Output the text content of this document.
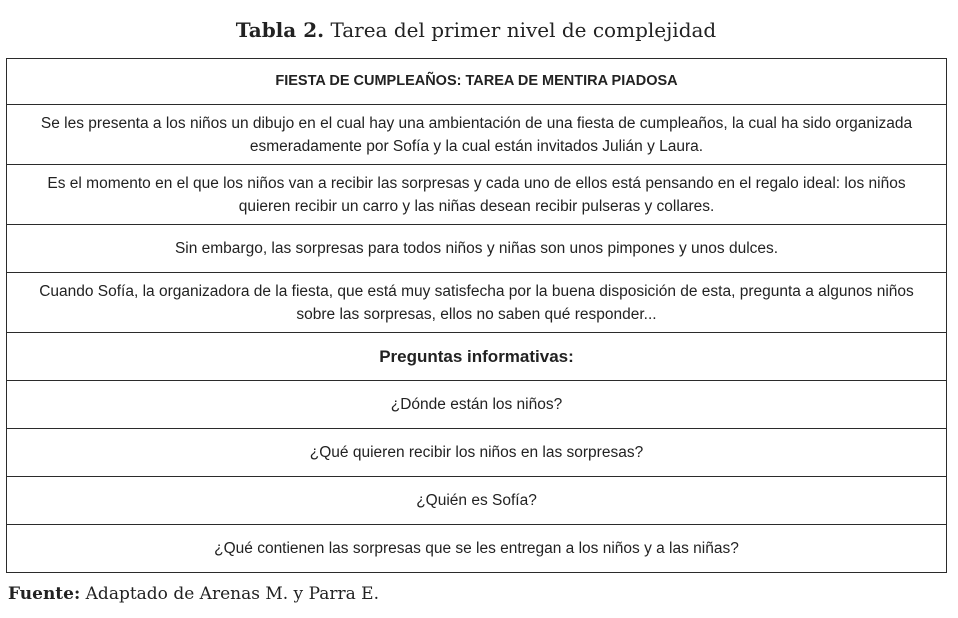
Tabla 2. Tarea del primer nivel de complejidad
FIESTA DE CUMPLEAÑOS: TAREA DE MENTIRA PIADOSA
Se les presenta a los niños un dibujo en el cual hay una ambientación de una fiesta de cumpleaños, la cual ha sido organizada esmeradamente por Sofía y la cual están invitados Julián y Laura.
Es el momento en el que los niños van a recibir las sorpresas y cada uno de ellos está pensando en el regalo ideal: los niños quieren recibir un carro y las niñas desean recibir pulseras y collares.
Sin embargo, las sorpresas para todos niños y niñas son unos pimpones y unos dulces.
Cuando Sofía, la organizadora de la fiesta, que está muy satisfecha por la buena disposición de esta, pregunta a algunos niños sobre las sorpresas, ellos no saben qué responder...
Preguntas informativas:
¿Dónde están los niños?
¿Qué quieren recibir los niños en las sorpresas?
¿Quién es Sofía?
¿Qué contienen las sorpresas que se les entregan a los niños y a las niñas?
Fuente: Adaptado de Arenas M. y Parra E.
